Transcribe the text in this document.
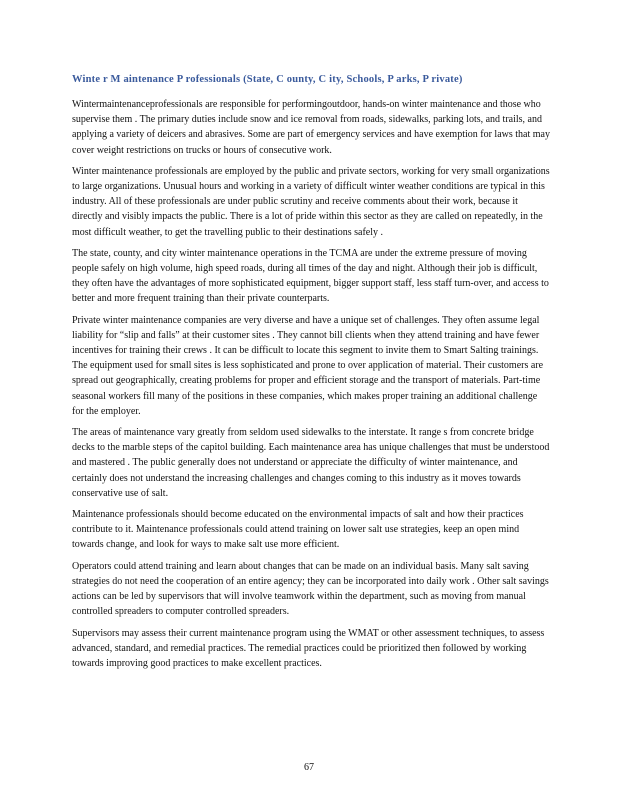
Winte r M aintenance P rofessionals (State, C ounty, C ity, Schools, P arks, P rivate)

Wintermaintenanceprofessionals are responsible for performingoutdoor, hands-on winter maintenance and those who supervise them . The primary duties include snow and ice removal from roads, sidewalks, parking lots, and trails, and applying a variety of deicers and abrasives. Some are part of emergency services and have exemption for laws that may cover weight restrictions on trucks or hours of consecutive work.

Winter maintenance professionals are employed by the public and private sectors, working for very small organizations to large organizations. Unusual hours and working in a variety of difficult winter weather conditions are typical in this industry. All of these professionals are under public scrutiny and receive comments about their work, because it directly and visibly impacts the public. There is a lot of pride within this sector as they are called on repeatedly, in the most difficult weather, to get the travelling public to their destinations safely .

The state, county, and city winter maintenance operations in the TCMA are under the extreme pressure of moving people safely on high volume, high speed roads, during all times of the day and night. Although their job is difficult, they often have the advantages of more sophisticated equipment, bigger support staff, less staff turn-over, and access to better and more frequent training than their private counterparts.

Private winter maintenance companies are very diverse and have a unique set of challenges. They often assume legal liability for “slip and falls” at their customer sites . They cannot bill clients when they attend training and have fewer incentives for training their crews . It can be difficult to locate this segment to invite them to Smart Salting trainings. The equipment used for small sites is less sophisticated and prone to over application of material. Their customers are spread out geographically, creating problems for proper and efficient storage and the transport of materials. Part-time seasonal workers fill many of the positions in these companies, which makes proper training an additional challenge for the employer.

The areas of maintenance vary greatly from seldom used sidewalks to the interstate. It range s from concrete bridge decks to the marble steps of the capitol building. Each maintenance area has unique challenges that must be understood and mastered . The public generally does not understand or appreciate the difficulty of winter maintenance, and certainly does not understand the increasing challenges and changes coming to this industry as it moves towards conservative use of salt.

Maintenance professionals should become educated on the environmental impacts of salt and how their practices contribute to it. Maintenance professionals could attend training on lower salt use strategies, keep an open mind towards change, and look for ways to make salt use more efficient.

Operators could attend training and learn about changes that can be made on an individual basis. Many salt saving strategies do not need the cooperation of an entire agency; they can be incorporated into daily work . Other salt savings actions can be led by supervisors that will involve teamwork within the department, such as moving from manual controlled spreaders to computer controlled spreaders.

Supervisors may assess their current maintenance program using the WMAT or other assessment techniques, to assess advanced, standard, and remedial practices. The remedial practices could be prioritized then followed by working towards improving good practices to make excellent practices.

67
